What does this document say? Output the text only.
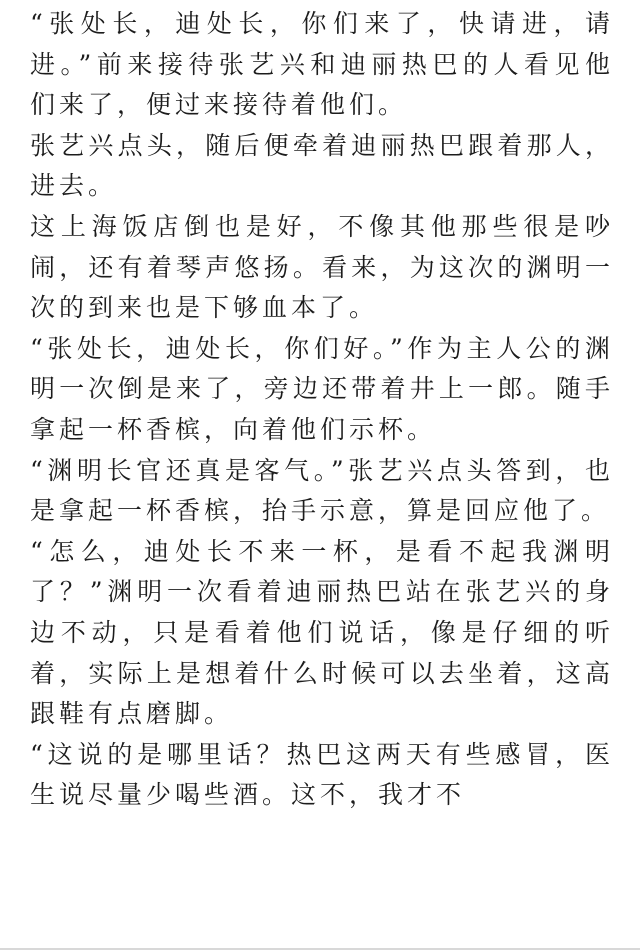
“张处长，迪处长，你们来了，快请进，请进。”前来接待张艺兴和迪丽热巴的人看见他们来了，便过来接待着他们。

张艺兴点头，随后便牵着迪丽热巴跟着那人，进去。

这上海饭店倒也是好，不像其他那些很是吵闹，还有着琴声悠扬。看来，为这次的渊明一次的到来也是下够血本了。

“张处长，迪处长，你们好。”作为主人公的渊明一次倒是来了，旁边还带着井上一郎。随手拿起一杯香槟，向着他们示杯。

“渊明长官还真是客气。”张艺兴点头答到，也是拿起一杯香槟，抬手示意，算是回应他了。

“怎么，迪处长不来一杯，是看不起我渊明了？”渊明一次看着迪丽热巴站在张艺兴的身边不动，只是看着他们说话，像是仔细的听着，实际上是想着什么时候可以去坐着，这高跟鞋有点磨脚。

“这说的是哪里话？热巴这两天有些感冒，医生说尽量少喝些酒。这不，我才不
